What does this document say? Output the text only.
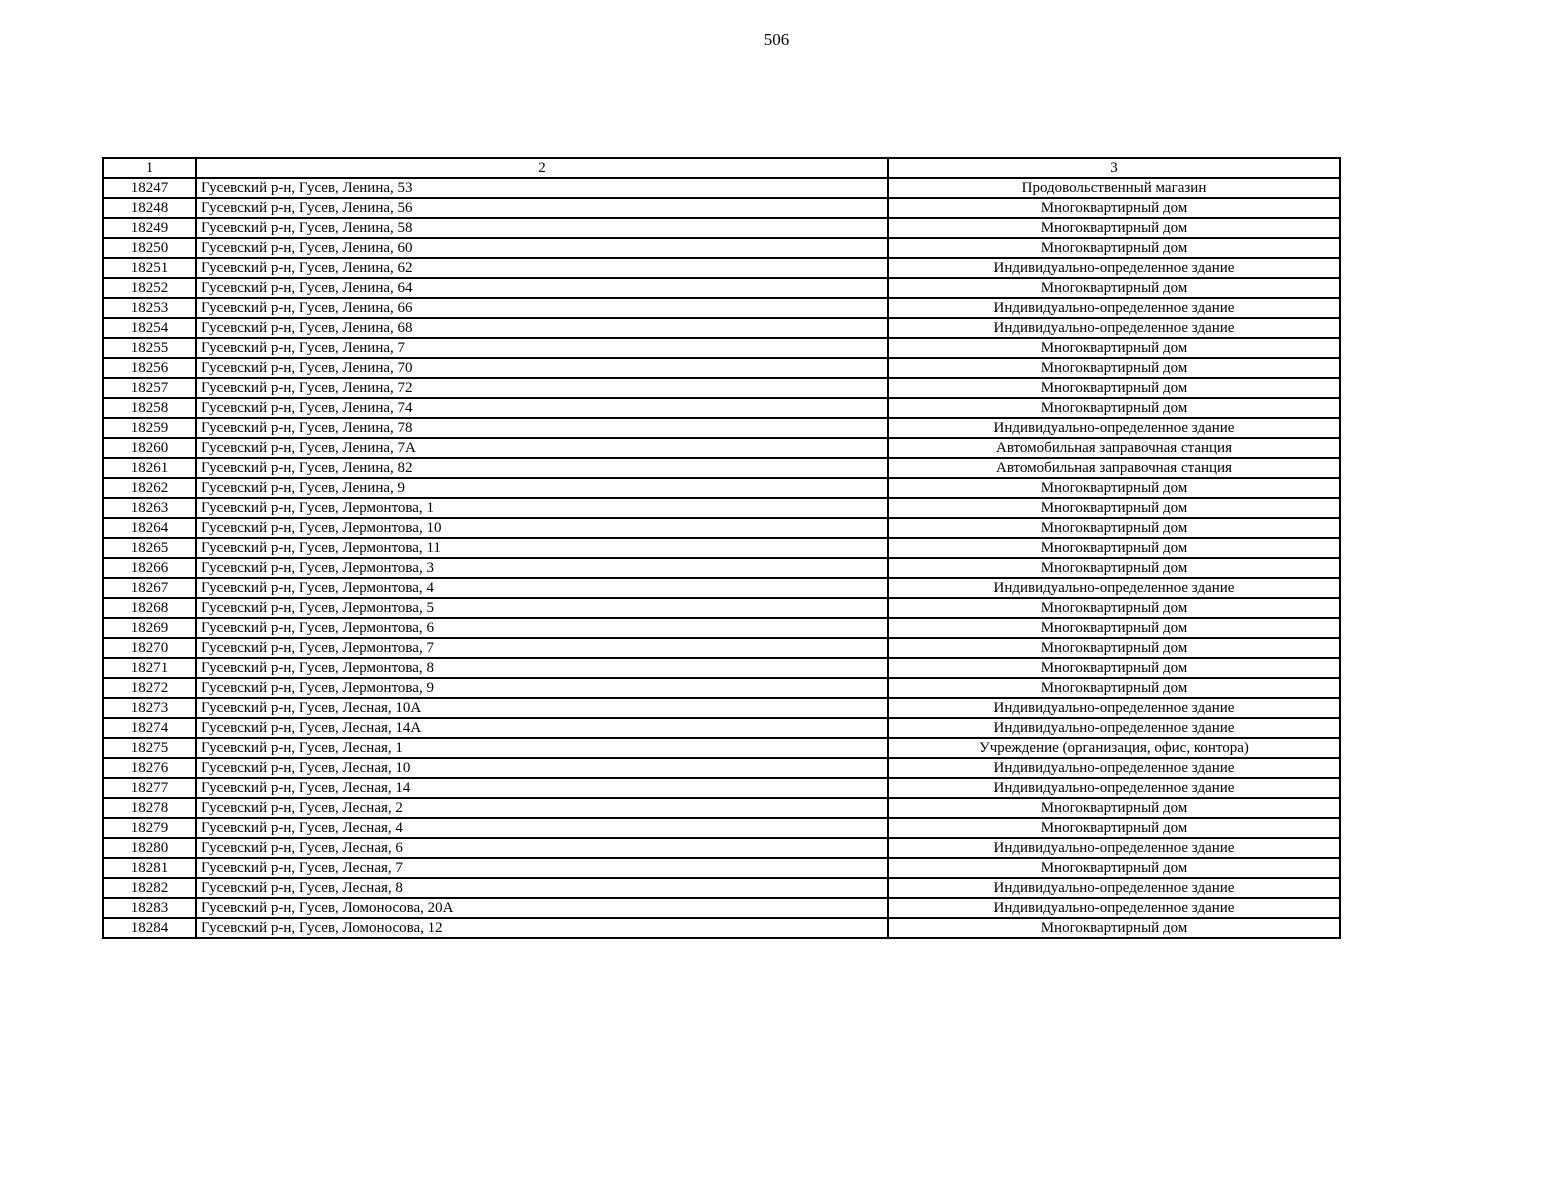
506
1	2	3
18247	Гусевский р-н, Гусев, Ленина, 53	Продовольственный магазин
18248	Гусевский р-н, Гусев, Ленина, 56	Многоквартирный дом
18249	Гусевский р-н, Гусев, Ленина, 58	Многоквартирный дом
18250	Гусевский р-н, Гусев, Ленина, 60	Многоквартирный дом
18251	Гусевский р-н, Гусев, Ленина, 62	Индивидуально-определенное здание
18252	Гусевский р-н, Гусев, Ленина, 64	Многоквартирный дом
18253	Гусевский р-н, Гусев, Ленина, 66	Индивидуально-определенное здание
18254	Гусевский р-н, Гусев, Ленина, 68	Индивидуально-определенное здание
18255	Гусевский р-н, Гусев, Ленина, 7	Многоквартирный дом
18256	Гусевский р-н, Гусев, Ленина, 70	Многоквартирный дом
18257	Гусевский р-н, Гусев, Ленина, 72	Многоквартирный дом
18258	Гусевский р-н, Гусев, Ленина, 74	Многоквартирный дом
18259	Гусевский р-н, Гусев, Ленина, 78	Индивидуально-определенное здание
18260	Гусевский р-н, Гусев, Ленина, 7А	Автомобильная заправочная станция
18261	Гусевский р-н, Гусев, Ленина, 82	Автомобильная заправочная станция
18262	Гусевский р-н, Гусев, Ленина, 9	Многоквартирный дом
18263	Гусевский р-н, Гусев, Лермонтова, 1	Многоквартирный дом
18264	Гусевский р-н, Гусев, Лермонтова, 10	Многоквартирный дом
18265	Гусевский р-н, Гусев, Лермонтова, 11	Многоквартирный дом
18266	Гусевский р-н, Гусев, Лермонтова, 3	Многоквартирный дом
18267	Гусевский р-н, Гусев, Лермонтова, 4	Индивидуально-определенное здание
18268	Гусевский р-н, Гусев, Лермонтова, 5	Многоквартирный дом
18269	Гусевский р-н, Гусев, Лермонтова, 6	Многоквартирный дом
18270	Гусевский р-н, Гусев, Лермонтова, 7	Многоквартирный дом
18271	Гусевский р-н, Гусев, Лермонтова, 8	Многоквартирный дом
18272	Гусевский р-н, Гусев, Лермонтова, 9	Многоквартирный дом
18273	Гусевский р-н, Гусев, Лесная, 10А	Индивидуально-определенное здание
18274	Гусевский р-н, Гусев, Лесная, 14А	Индивидуально-определенное здание
18275	Гусевский р-н, Гусев, Лесная, 1	Учреждение (организация, офис, контора)
18276	Гусевский р-н, Гусев, Лесная, 10	Индивидуально-определенное здание
18277	Гусевский р-н, Гусев, Лесная, 14	Индивидуально-определенное здание
18278	Гусевский р-н, Гусев, Лесная, 2	Многоквартирный дом
18279	Гусевский р-н, Гусев, Лесная, 4	Многоквартирный дом
18280	Гусевский р-н, Гусев, Лесная, 6	Индивидуально-определенное здание
18281	Гусевский р-н, Гусев, Лесная, 7	Многоквартирный дом
18282	Гусевский р-н, Гусев, Лесная, 8	Индивидуально-определенное здание
18283	Гусевский р-н, Гусев, Ломоносова, 20А	Индивидуально-определенное здание
18284	Гусевский р-н, Гусев, Ломоносова, 12	Многоквартирный дом
